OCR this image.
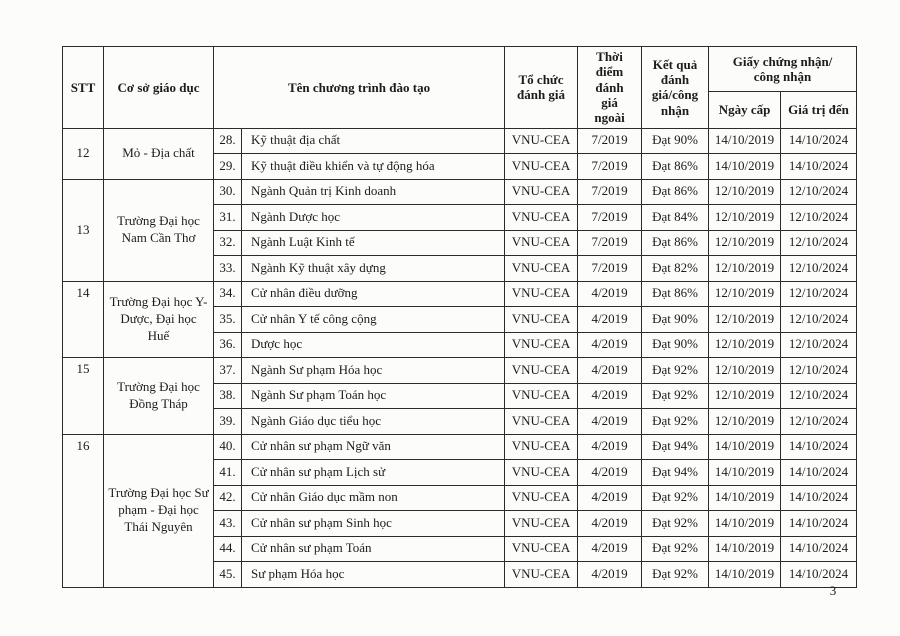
STT	Cơ sở giáo dục	Tên chương trình đào tạo		Tổ chức đánh giá	Thời điểm đánh giá ngoài	Kết quả đánh giá/công nhận	Giấy chứng nhận/ công nhận	
							Ngày cấp	Giá trị đến
12	Mỏ - Địa chất	28.	Kỹ thuật địa chất	VNU-CEA	7/2019	Đạt 90%	14/10/2019	14/10/2024
		29.	Kỹ thuật điều khiển và tự động hóa	VNU-CEA	7/2019	Đạt 86%	14/10/2019	14/10/2024
13	Trường Đại học Nam Cần Thơ	30.	Ngành Quản trị Kinh doanh	VNU-CEA	7/2019	Đạt 86%	12/10/2019	12/10/2024
		31.	Ngành Dược học	VNU-CEA	7/2019	Đạt 84%	12/10/2019	12/10/2024
		32.	Ngành Luật Kinh tế	VNU-CEA	7/2019	Đạt 86%	12/10/2019	12/10/2024
		33.	Ngành Kỹ thuật xây dựng	VNU-CEA	7/2019	Đạt 82%	12/10/2019	12/10/2024
14	Trường Đại học Y-Dược, Đại học Huế	34.	Cử nhân điều dưỡng	VNU-CEA	4/2019	Đạt 86%	12/10/2019	12/10/2024
		35.	Cử nhân Y tế công cộng	VNU-CEA	4/2019	Đạt 90%	12/10/2019	12/10/2024
		36.	Dược học	VNU-CEA	4/2019	Đạt 90%	12/10/2019	12/10/2024
15	Trường Đại học Đồng Tháp	37.	Ngành Sư phạm Hóa học	VNU-CEA	4/2019	Đạt 92%	12/10/2019	12/10/2024
		38.	Ngành Sư phạm Toán học	VNU-CEA	4/2019	Đạt 92%	12/10/2019	12/10/2024
		39.	Ngành Giáo dục tiểu học	VNU-CEA	4/2019	Đạt 92%	12/10/2019	12/10/2024
16	Trường Đại học Sư phạm - Đại học Thái Nguyên	40.	Cử nhân sư phạm Ngữ văn	VNU-CEA	4/2019	Đạt 94%	14/10/2019	14/10/2024
		41.	Cử nhân sư phạm Lịch sử	VNU-CEA	4/2019	Đạt 94%	14/10/2019	14/10/2024
		42.	Cử nhân Giáo dục mầm non	VNU-CEA	4/2019	Đạt 92%	14/10/2019	14/10/2024
		43.	Cử nhân sư phạm Sinh học	VNU-CEA	4/2019	Đạt 92%	14/10/2019	14/10/2024
		44.	Cử nhân sư phạm Toán	VNU-CEA	4/2019	Đạt 92%	14/10/2019	14/10/2024
		45.	Sư phạm Hóa học	VNU-CEA	4/2019	Đạt 92%	14/10/2019	14/10/2024
3
